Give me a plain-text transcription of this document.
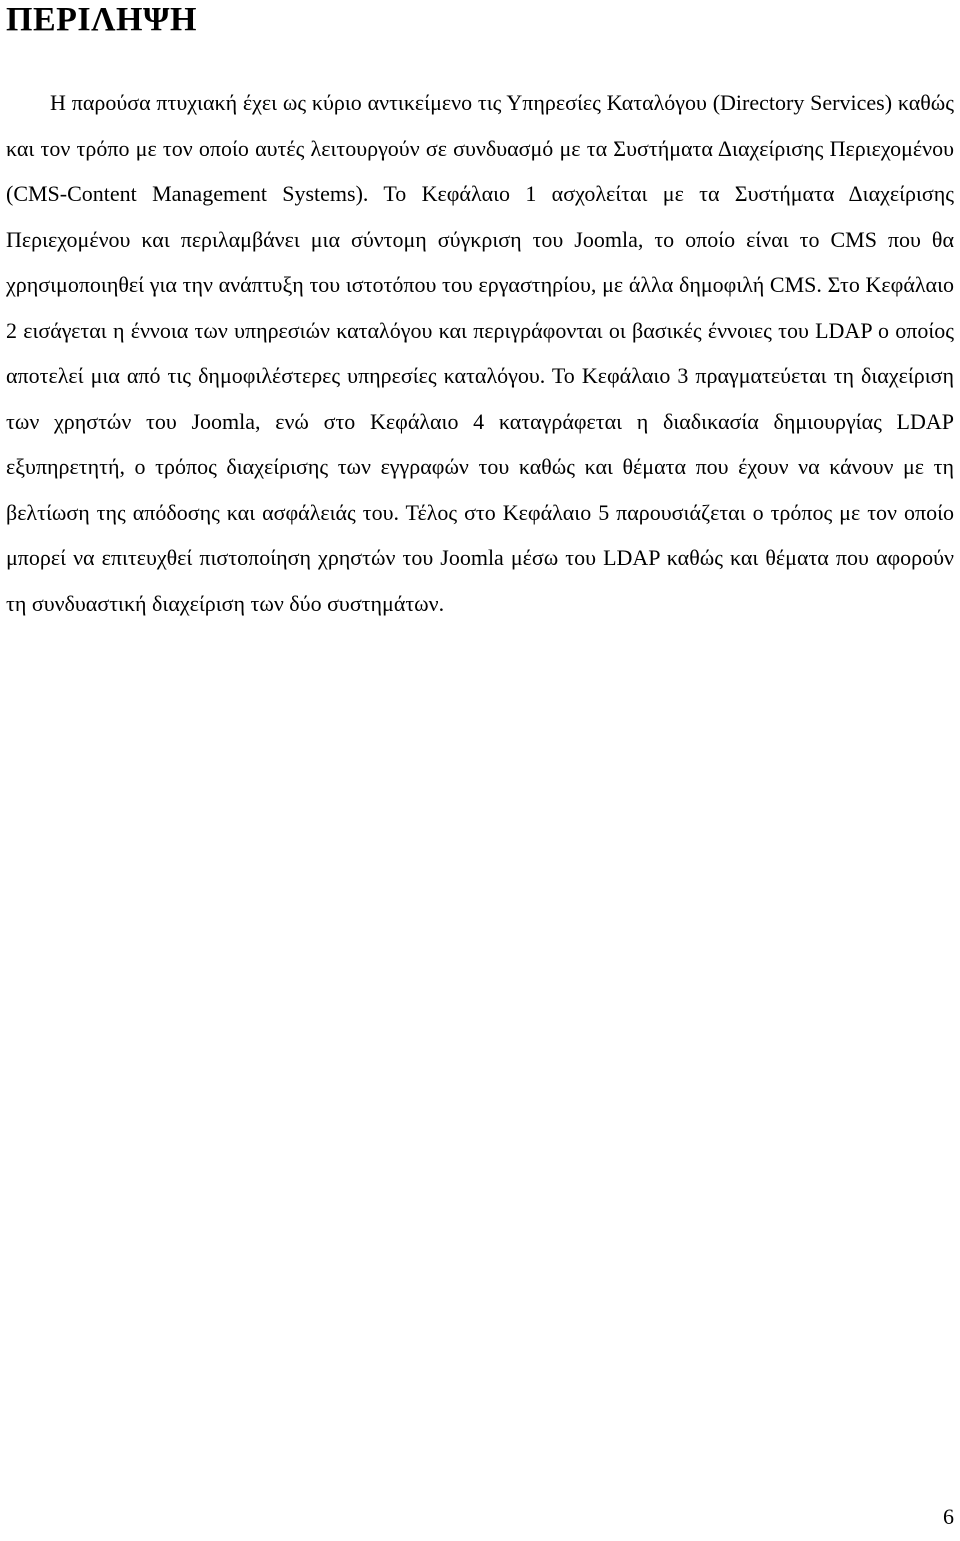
ΠΕΡΙΛΗΨΗ

Η παρούσα πτυχιακή έχει ως κύριο αντικείμενο τις Υπηρεσίες Καταλόγου (Directory Services) καθώς και τον τρόπο με τον οποίο αυτές λειτουργούν σε συνδυασμό με τα Συστήματα Διαχείρισης Περιεχομένου (CMS-Content Management Systems). Το Κεφάλαιο 1 ασχολείται με τα Συστήματα Διαχείρισης Περιεχομένου και περιλαμβάνει μια σύντομη σύγκριση του Joomla, το οποίο είναι το CMS που θα χρησιμοποιηθεί για την ανάπτυξη του ιστοτόπου του εργαστηρίου, με άλλα δημοφιλή CMS. Στο Κεφάλαιο 2 εισάγεται η έννοια των υπηρεσιών καταλόγου και περιγράφονται οι βασικές έννοιες του LDAP ο οποίος αποτελεί μια από τις δημοφιλέστερες υπηρεσίες καταλόγου. Το Κεφάλαιο 3 πραγματεύεται τη διαχείριση των χρηστών του Joomla, ενώ στο Κεφάλαιο 4 καταγράφεται η διαδικασία δημιουργίας LDAP εξυπηρετητή, ο τρόπος διαχείρισης των εγγραφών του καθώς και θέματα που έχουν να κάνουν με τη βελτίωση της απόδοσης και ασφάλειάς του. Τέλος στο Κεφάλαιο 5 παρουσιάζεται ο τρόπος με τον οποίο μπορεί να επιτευχθεί πιστοποίηση χρηστών του Joomla μέσω του LDAP καθώς και θέματα που αφορούν τη συνδυαστική διαχείριση των δύο συστημάτων.

6
